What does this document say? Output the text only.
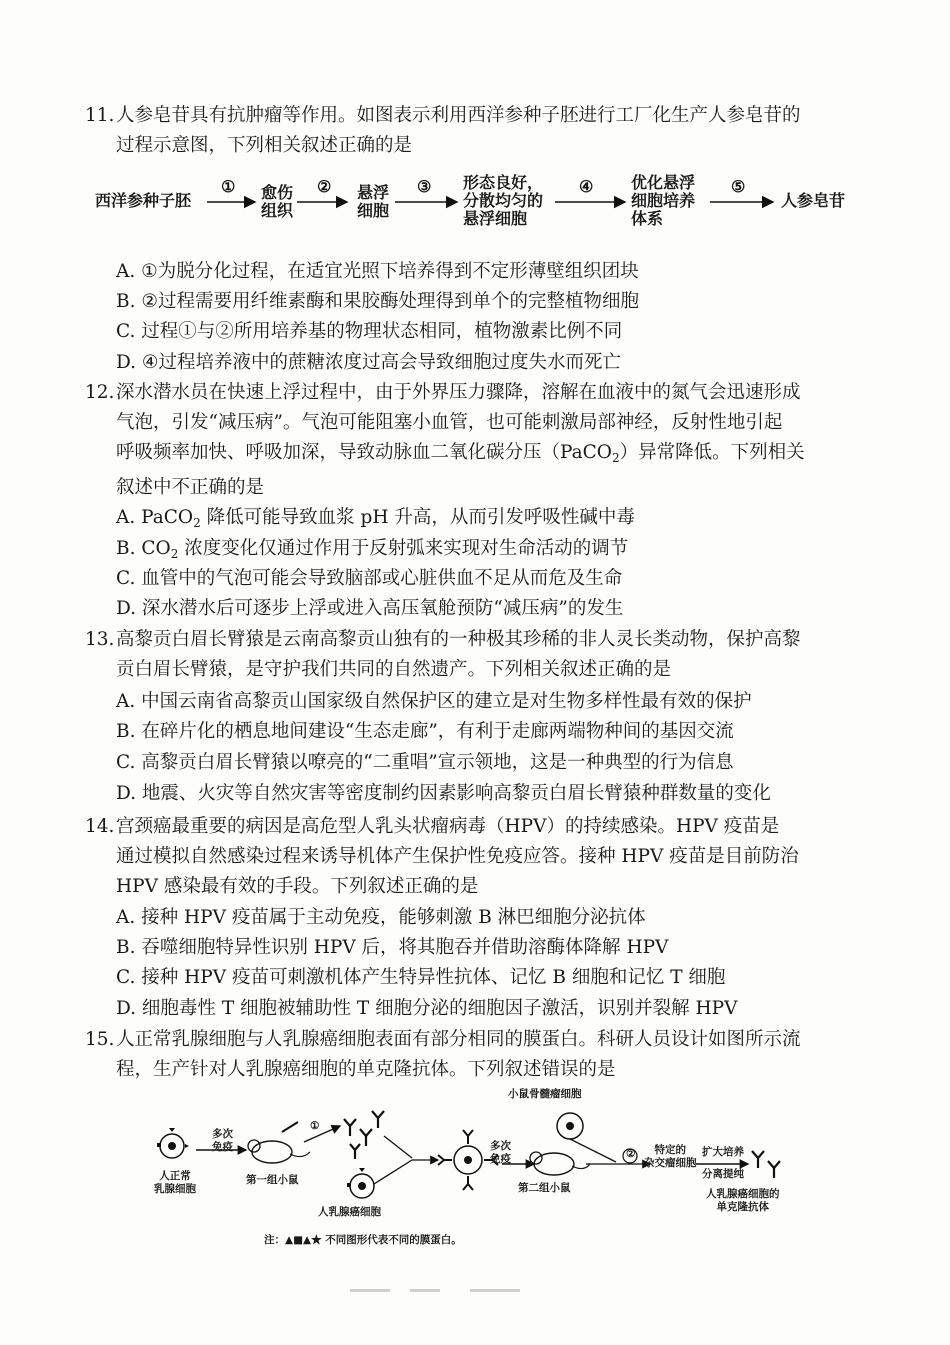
11. 人参皂苷具有抗肿瘤等作用。如图表示利用西洋参种子胚进行工厂化生产人参皂苷的
过程示意图，下列相关叙述正确的是
西洋参种子胚
① 愈伤
组织
② 悬浮
细胞
③ 形态良好，
分散均匀的
悬浮细胞
④ 优化悬浮
细胞培养
体系
⑤
人参皂苷
A. ①为脱分化过程，在适宜光照下培养得到不定形薄壁组织团块
B. ②过程需要用纤维素酶和果胶酶处理得到单个的完整植物细胞
C. 过程①与②所用培养基的物理状态相同，植物激素比例不同
D. ④过程培养液中的蔗糖浓度过高会导致细胞过度失水而死亡
12. 深水潜水员在快速上浮过程中，由于外界压力骤降，溶解在血液中的氮气会迅速形成
气泡，引发“减压病”。气泡可能阻塞小血管，也可能刺激局部神经，反射性地引起
呼吸频率加快、呼吸加深，导致动脉血二氧化碳分压（PaCO$_2$）异常降低。下列相关
叙述中不正确的是
A. PaCO$_2$ 降低可能导致血浆 pH 升高，从而引发呼吸性碱中毒
B. $CO_2$ 浓度变化仅通过作用于反射弧来实现对生命活动的调节
C. 血管中的气泡可能会导致脑部或心脏供血不足从而危及生命
D. 深水潜水后可逐步上浮或进入高压氧舱预防“减压病”的发生
13. 高黎贡白眉长臂猿是云南高黎贡山独有的一种极其珍稀的非人灵长类动物，保护高黎
贡白眉长臂猿，是守护我们共同的自然遗产。下列相关叙述正确的是
A. 中国云南省高黎贡山国家级自然保护区的建立是对生物多样性最有效的保护
B. 在碎片化的栖息地间建设“生态走廊”，有利于走廊两端物种间的基因交流
C. 高黎贡白眉长臂猿以嘹亮的“二重唱”宣示领地，这是一种典型的行为信息
D. 地震、火灾等自然灾害等密度制约因素影响高黎贡白眉长臂猿种群数量的变化
14. 宫颈癌最重要的病因是高危型人乳头状瘤病毒（HPV）的持续感染。HPV 疫苗是
通过模拟自然感染过程来诱导机体产生保护性免疫应答。接种 HPV 疫苗是目前防治
HPV 感染最有效的手段。下列叙述正确的是
A. 接种 HPV 疫苗属于主动免疫，能够刺激 B 淋巴细胞分泌抗体
B. 吞噬细胞特异性识别 HPV 后，将其胞吞并借助溶酶体降解 HPV
C. 接种 HPV 疫苗可刺激机体产生特异性抗体、记忆 B 细胞和记忆 T 细胞
D. 细胞毒性 T 细胞被辅助性 T 细胞分泌的细胞因子激活，识别并裂解 HPV
15. 人正常乳腺细胞与人乳腺癌细胞表面有部分相同的膜蛋白。科研人员设计如图所示流
程，生产针对人乳腺癌细胞的单克隆抗体。下列叙述错误的是
人正常
乳腺细胞
多次
免疫
第一组小鼠
①
人乳腺癌细胞
多次
免疫
第二组小鼠
小鼠骨髓瘤细胞
②	特定的
杂交瘤细胞
扩大培养
分离提纯
人乳腺癌细胞的
单克隆抗体
注：▲■▲★ 不同图形代表不同的膜蛋白。
